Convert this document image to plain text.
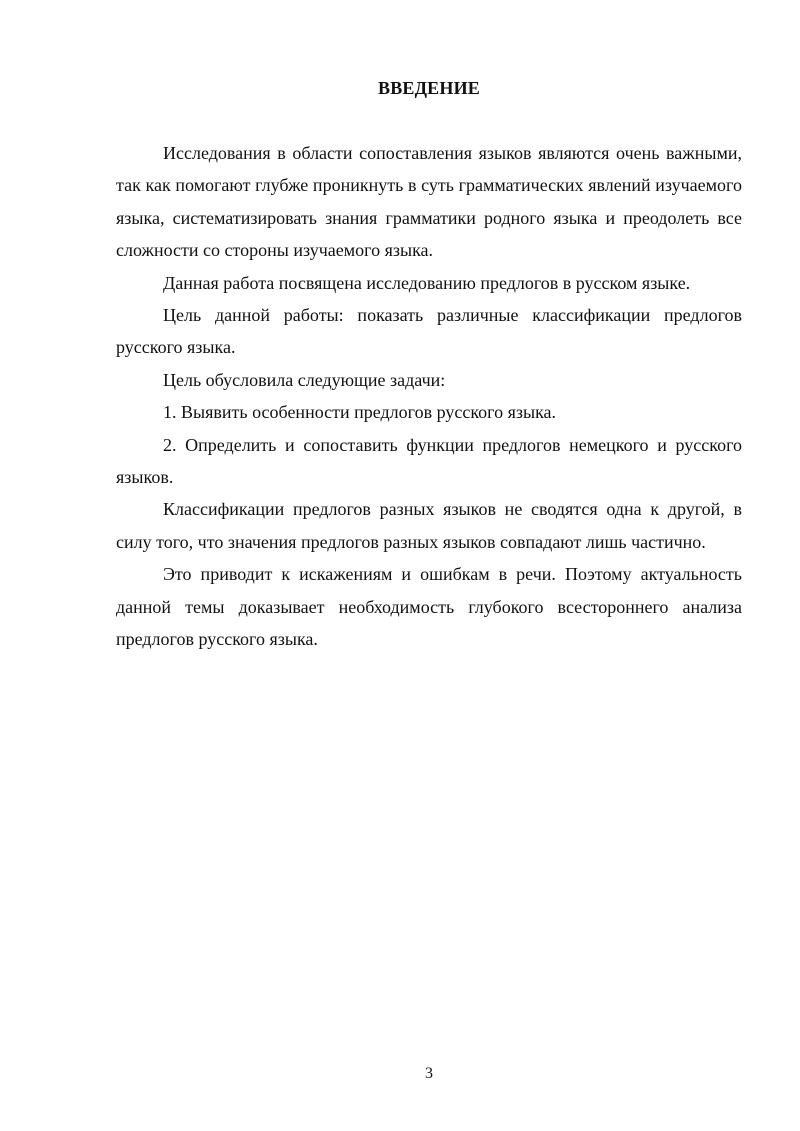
ВВЕДЕНИЕ

Исследования в области сопоставления языков являются очень важными, так как помогают глубже проникнуть в суть грамматических явлений изучаемого языка, систематизировать знания грамматики родного языка и преодолеть все сложности со стороны изучаемого языка.

Данная работа посвящена исследованию предлогов в русском языке.

Цель данной работы: показать различные классификации предлогов русского языка.

Цель обусловила следующие задачи:

1. Выявить особенности предлогов русского языка.

2. Определить и сопоставить функции предлогов немецкого и русского языков.

Классификации предлогов разных языков не сводятся одна к другой, в силу того, что значения предлогов разных языков совпадают лишь частично.

Это приводит к искажениям и ошибкам в речи. Поэтому актуальность данной темы доказывает необходимость глубокого всестороннего анализа предлогов русского языка.

3
